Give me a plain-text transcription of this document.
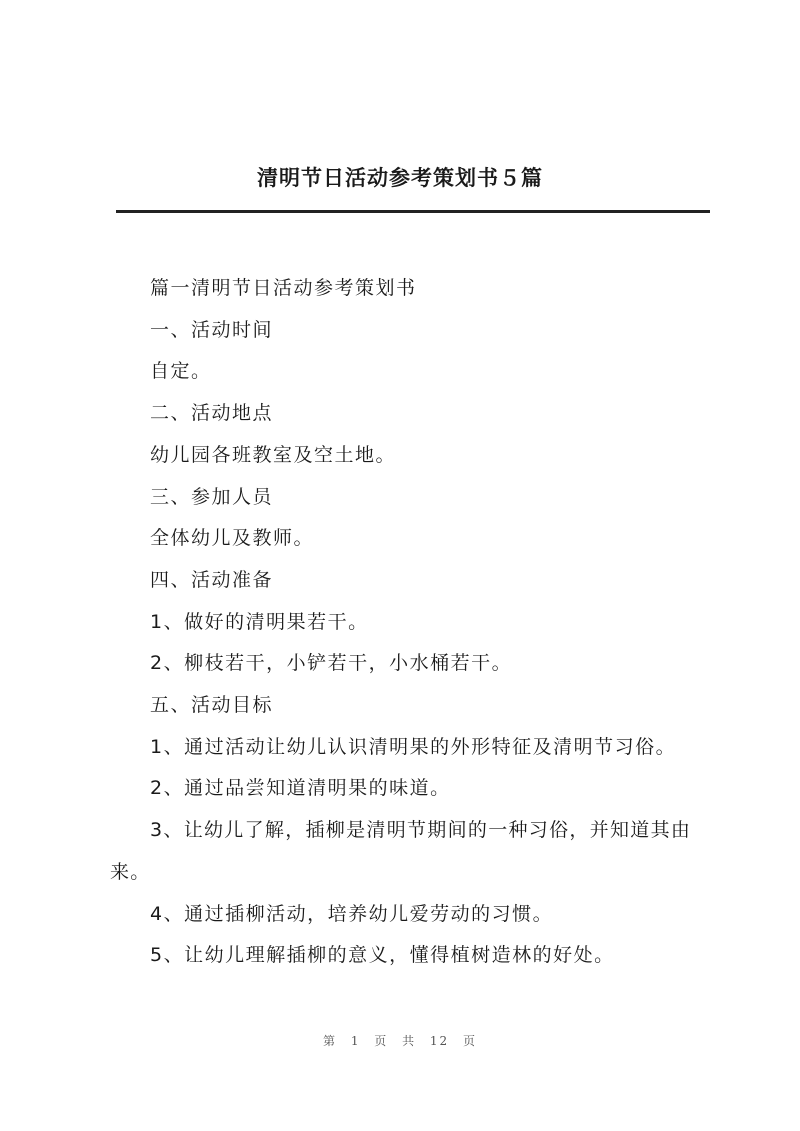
清明节日活动参考策划书５篇

篇一清明节日活动参考策划书

一、活动时间

自定。

二、活动地点

幼儿园各班教室及空土地。

三、参加人员

全体幼儿及教师。

四、活动准备

1、做好的清明果若干。

2、柳枝若干，小铲若干，小水桶若干。

五、活动目标

1、通过活动让幼儿认识清明果的外形特征及清明节习俗。

2、通过品尝知道清明果的味道。

3、让幼儿了解，插柳是清明节期间的一种习俗，并知道其由来。

4、通过插柳活动，培养幼儿爱劳动的习惯。

5、让幼儿理解插柳的意义，懂得植树造林的好处。

第 1 页 共 12 页
